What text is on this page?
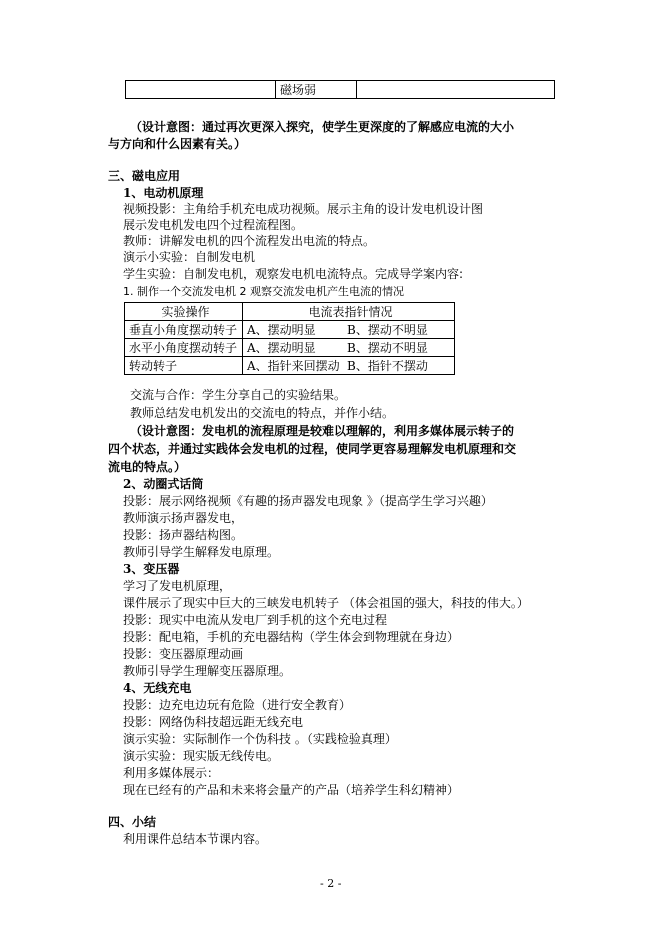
	磁场弱	
（设计意图：通过再次更深入探究，使学生更深度的了解感应电流的大小
与方向和什么因素有关。）
三、磁电应用
1、电动机原理
视频投影：主角给手机充电成功视频。展示主角的设计发电机设计图
展示发电机发电四个过程流程图。
教师：讲解发电机的四个流程发出电流的特点。
演示小实验：自制发电机
学生实验：自制发电机，观察发电机电流特点。完成导学案内容:
1. 制作一个交流发电机 2 观察交流发电机产生电流的情况
实验操作	电流表指针情况
垂直小角度摆动转子	A、摆动明显 B、摆动不明显
水平小角度摆动转子	A、摆动明显 B、摆动不明显
转动转子	A、指针来回摆动 B、指针不摆动
交流与合作：学生分享自己的实验结果。
教师总结发电机发出的交流电的特点，并作小结。
（设计意图：发电机的流程原理是较难以理解的，利用多媒体展示转子的
四个状态，并通过实践体会发电机的过程，使同学更容易理解发电机原理和交
流电的特点。）
2、动圈式话筒
投影：展示网络视频《有趣的扬声器发电现象 》（提高学生学习兴趣）
教师演示扬声器发电，
投影：扬声器结构图。
教师引导学生解释发电原理。
3、变压器
学习了发电机原理，
课件展示了现实中巨大的三峡发电机转子 （体会祖国的强大，科技的伟大。）
投影：现实中电流从发电厂到手机的这个充电过程
投影：配电箱，手机的充电器结构（学生体会到物理就在身边）
投影：变压器原理动画
教师引导学生理解变压器原理。
4、无线充电
投影：边充电边玩有危险（进行安全教育）
投影：网络伪科技超远距无线充电
演示实验：实际制作一个伪科技 。（实践检验真理）
演示实验：现实版无线传电。
利用多媒体展示：
现在已经有的产品和未来将会量产的产品（培养学生科幻精神）
四、小结
利用课件总结本节课内容。
- 2 -
